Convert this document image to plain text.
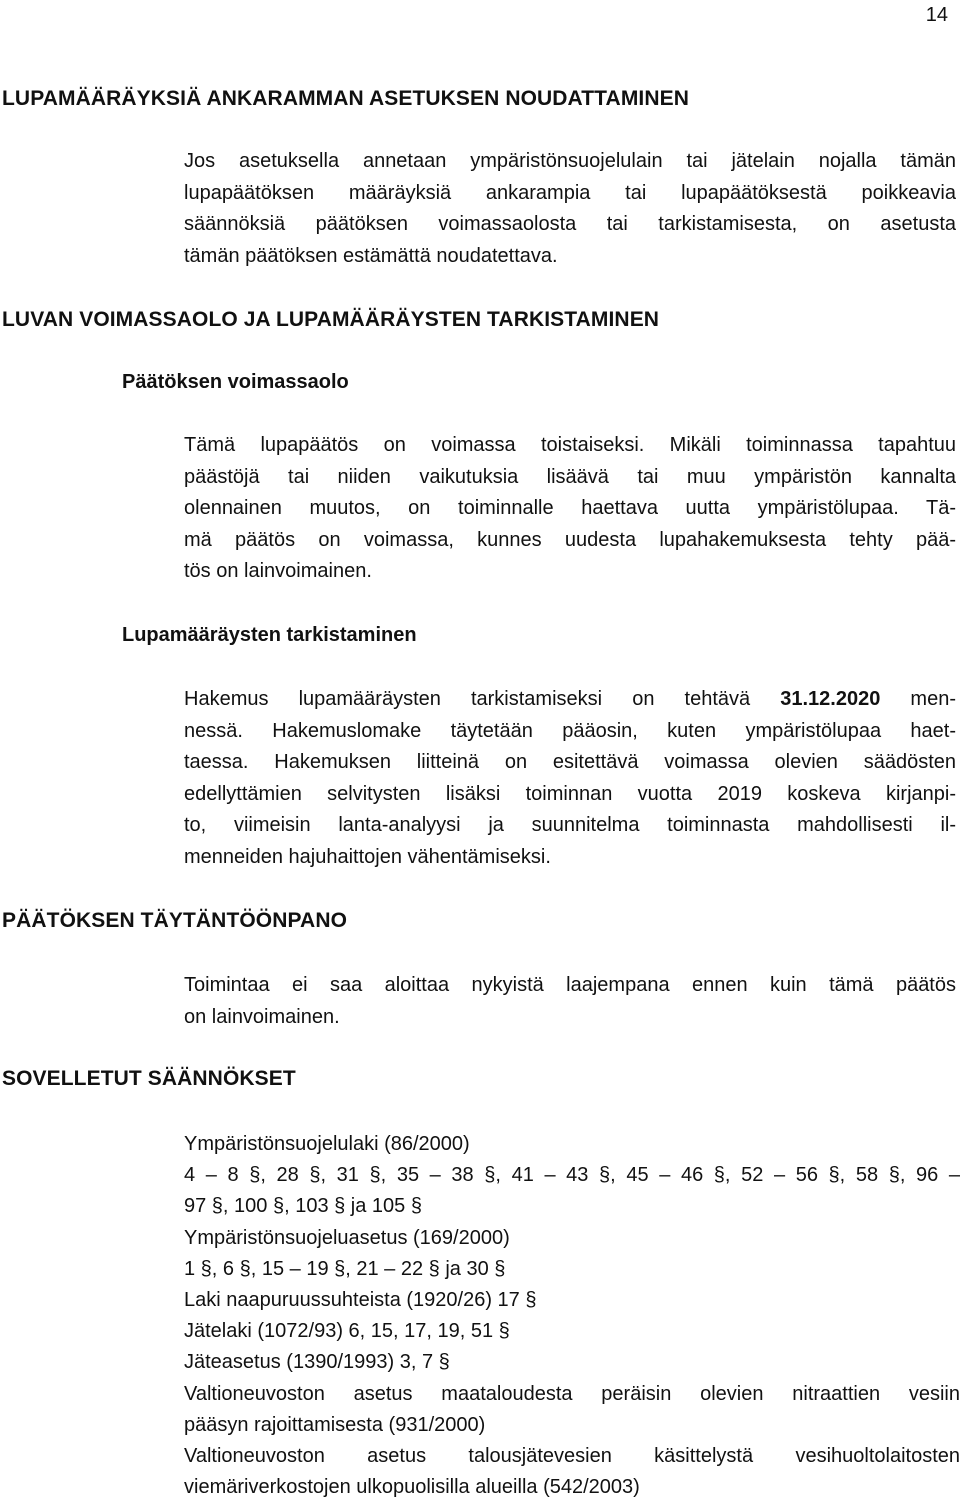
14
LUPAMÄÄRÄYKSIÄ ANKARAMMAN ASETUKSEN NOUDATTAMINEN
Jos asetuksella annetaan ympäristönsuojelulain tai jätelain nojalla tämän
lupapäätöksen määräyksiä ankarampia tai lupapäätöksestä poikkeavia
säännöksiä päätöksen voimassaolosta tai tarkistamisesta, on asetusta
tämän päätöksen estämättä noudatettava.
LUVAN VOIMASSAOLO JA LUPAMÄÄRÄYSTEN TARKISTAMINEN
Päätöksen voimassaolo
Tämä lupapäätös on voimassa toistaiseksi. Mikäli toiminnassa tapahtuu
päästöjä tai niiden vaikutuksia lisäävä tai muu ympäristön kannalta
olennainen muutos, on toiminnalle haettava uutta ympäristölupaa. Tä-
mä päätös on voimassa, kunnes uudesta lupahakemuksesta tehty pää-
tös on lainvoimainen.
Lupamääräysten tarkistaminen
Hakemus lupamääräysten tarkistamiseksi on tehtävä 31.12.2020 men-
nessä. Hakemuslomake täytetään pääosin, kuten ympäristölupaa haet-
taessa. Hakemuksen liitteinä on esitettävä voimassa olevien säädösten
edellyttämien selvitysten lisäksi toiminnan vuotta 2019 koskeva kirjanpi-
to, viimeisin lanta-analyysi ja suunnitelma toiminnasta mahdollisesti il-
menneiden hajuhaittojen vähentämiseksi.
PÄÄTÖKSEN TÄYTÄNTÖÖNPANO
Toimintaa ei saa aloittaa nykyistä laajempana ennen kuin tämä päätös
on lainvoimainen.
SOVELLETUT SÄÄNNÖKSET
Ympäristönsuojelulaki (86/2000)
4 – 8 §, 28 §, 31 §, 35 – 38 §, 41 – 43 §, 45 – 46 §, 52 – 56 §, 58 §, 96 –
97 §, 100 §, 103 § ja 105 §
Ympäristönsuojeluasetus (169/2000)
1 §, 6 §, 15 – 19 §, 21 – 22 § ja 30 §
Laki naapuruussuhteista (1920/26) 17 §
Jätelaki (1072/93) 6, 15, 17, 19, 51 §
Jäteasetus (1390/1993) 3, 7 §
Valtioneuvoston asetus maataloudesta peräisin olevien nitraattien vesiin
pääsyn rajoittamisesta (931/2000)
Valtioneuvoston asetus talousjätevesien käsittelystä vesihuoltolaitosten
viemäriverkostojen ulkopuolisilla alueilla (542/2003)
